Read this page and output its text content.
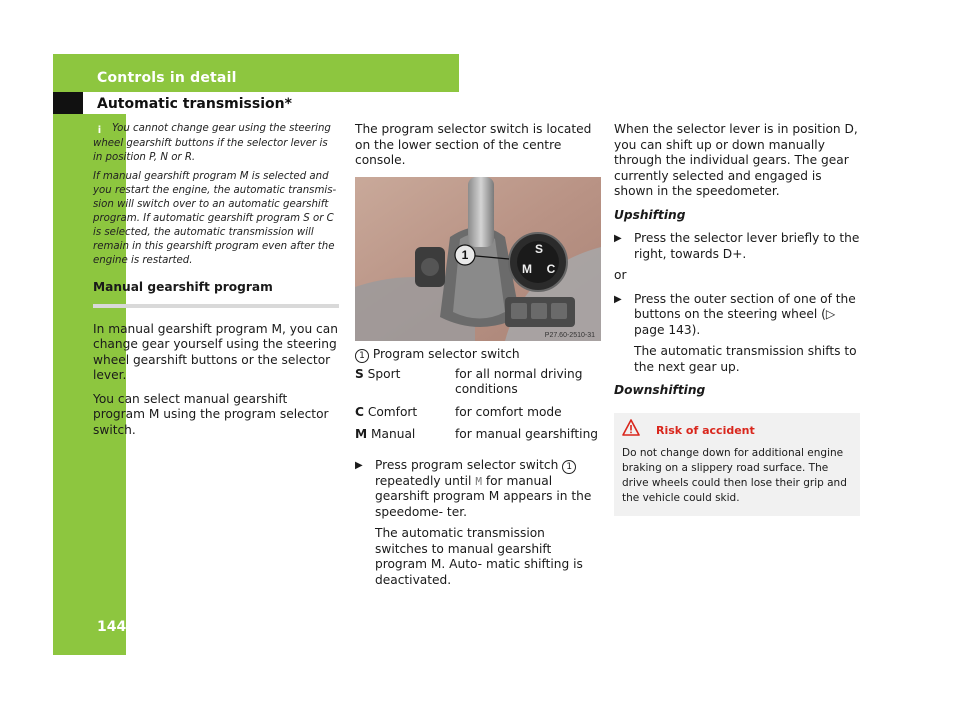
Controls in detail
Automatic transmission*
144

i You cannot change gear using the steering wheel gearshift buttons if the selector lever is in position P, N or R.

If manual gearshift program M is selected and you restart the engine, the automatic transmis- sion will switch over to an automatic gearshift program. If automatic gearshift program S or C is selected, the automatic transmission will remain in this gearshift program even after the engine is restarted.

Manual gearshift program

In manual gearshift program M, you can change gear yourself using the steering wheel gearshift buttons or the selector lever.

You can select manual gearshift program M using the program selector switch.

The program selector switch is located on the lower section of the centre console.

1	S
M C
P27.60-2510-31
1 Program selector switch
S Sport	for all normal driving conditions
C Comfort	for comfort mode
M Manual	for manual gearshifting
▶ Press program selector switch 1 repeatedly until M for manual gearshift program M appears in the speedome- ter.

The automatic transmission switches to manual gearshift program M. Auto- matic shifting is deactivated.

When the selector lever is in position D, you can shift up or down manually through the individual gears. The gear currently selected and engaged is shown in the speedometer.

Upshifting
▶ Press the selector lever briefly to the right, towards D+.

or

▶ Press the outer section of one of the buttons on the steering wheel (▷ page 143).

The automatic transmission shifts to the next gear up.

Downshifting
Risk of accident
Do not change down for additional engine braking on a slippery road surface. The drive wheels could then lose their grip and the vehicle could skid.
